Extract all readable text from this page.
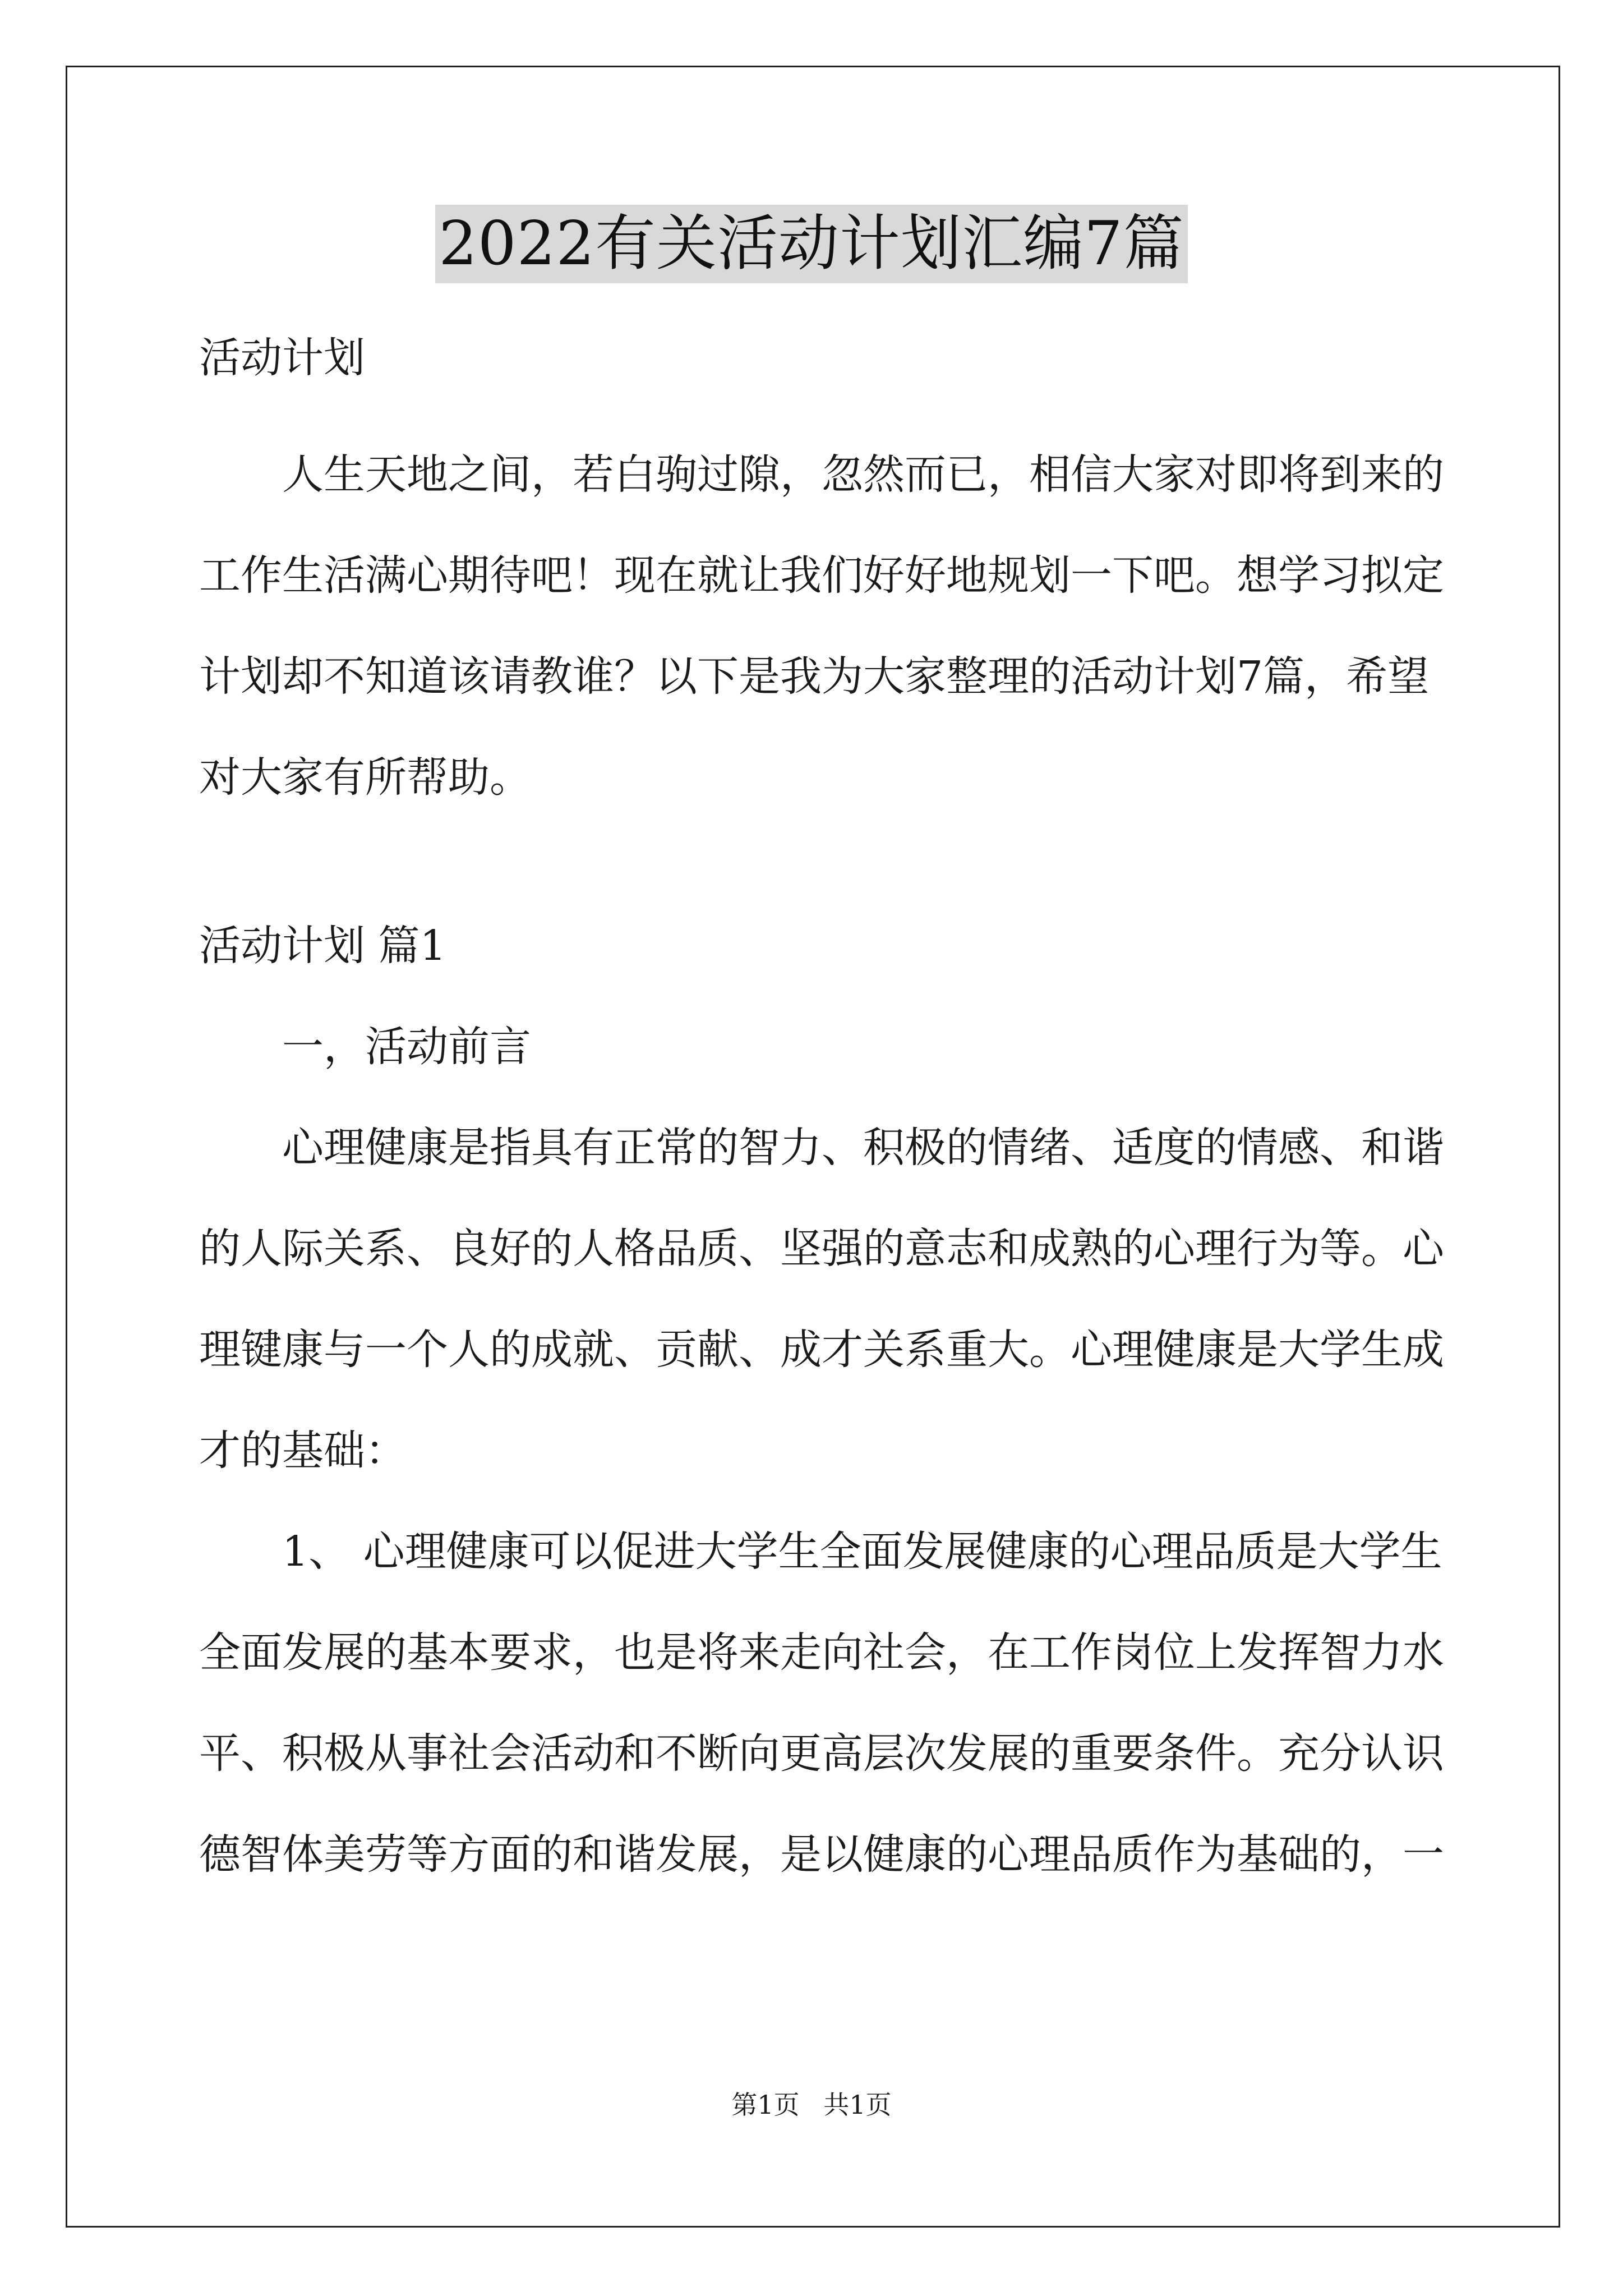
2022有关活动计划汇编7篇
活动计划
人生天地之间，若白驹过隙，忽然而已，相信大家对即将到来的
工作生活满心期待吧！现在就让我们好好地规划一下吧。想学习拟定
计划却不知道该请教谁？以下是我为大家整理的活动计划7篇，希望
对大家有所帮助。
活动计划 篇1
一，活动前言
心理健康是指具有正常的智力、积极的情绪、适度的情感、和谐
的人际关系、良好的人格品质、坚强的意志和成熟的心理行为等。心
理键康与一个人的成就、贡献、成才关系重大。心理健康是大学生成
才的基础：
1、 心理健康可以促进大学生全面发展健康的心理品质是大学生
全面发展的基本要求，也是将来走向社会，在工作岗位上发挥智力水
平、积极从事社会活动和不断向更高层次发展的重要条件。充分认识
德智体美劳等方面的和谐发展，是以健康的心理品质作为基础的，一
第1页 共1页
